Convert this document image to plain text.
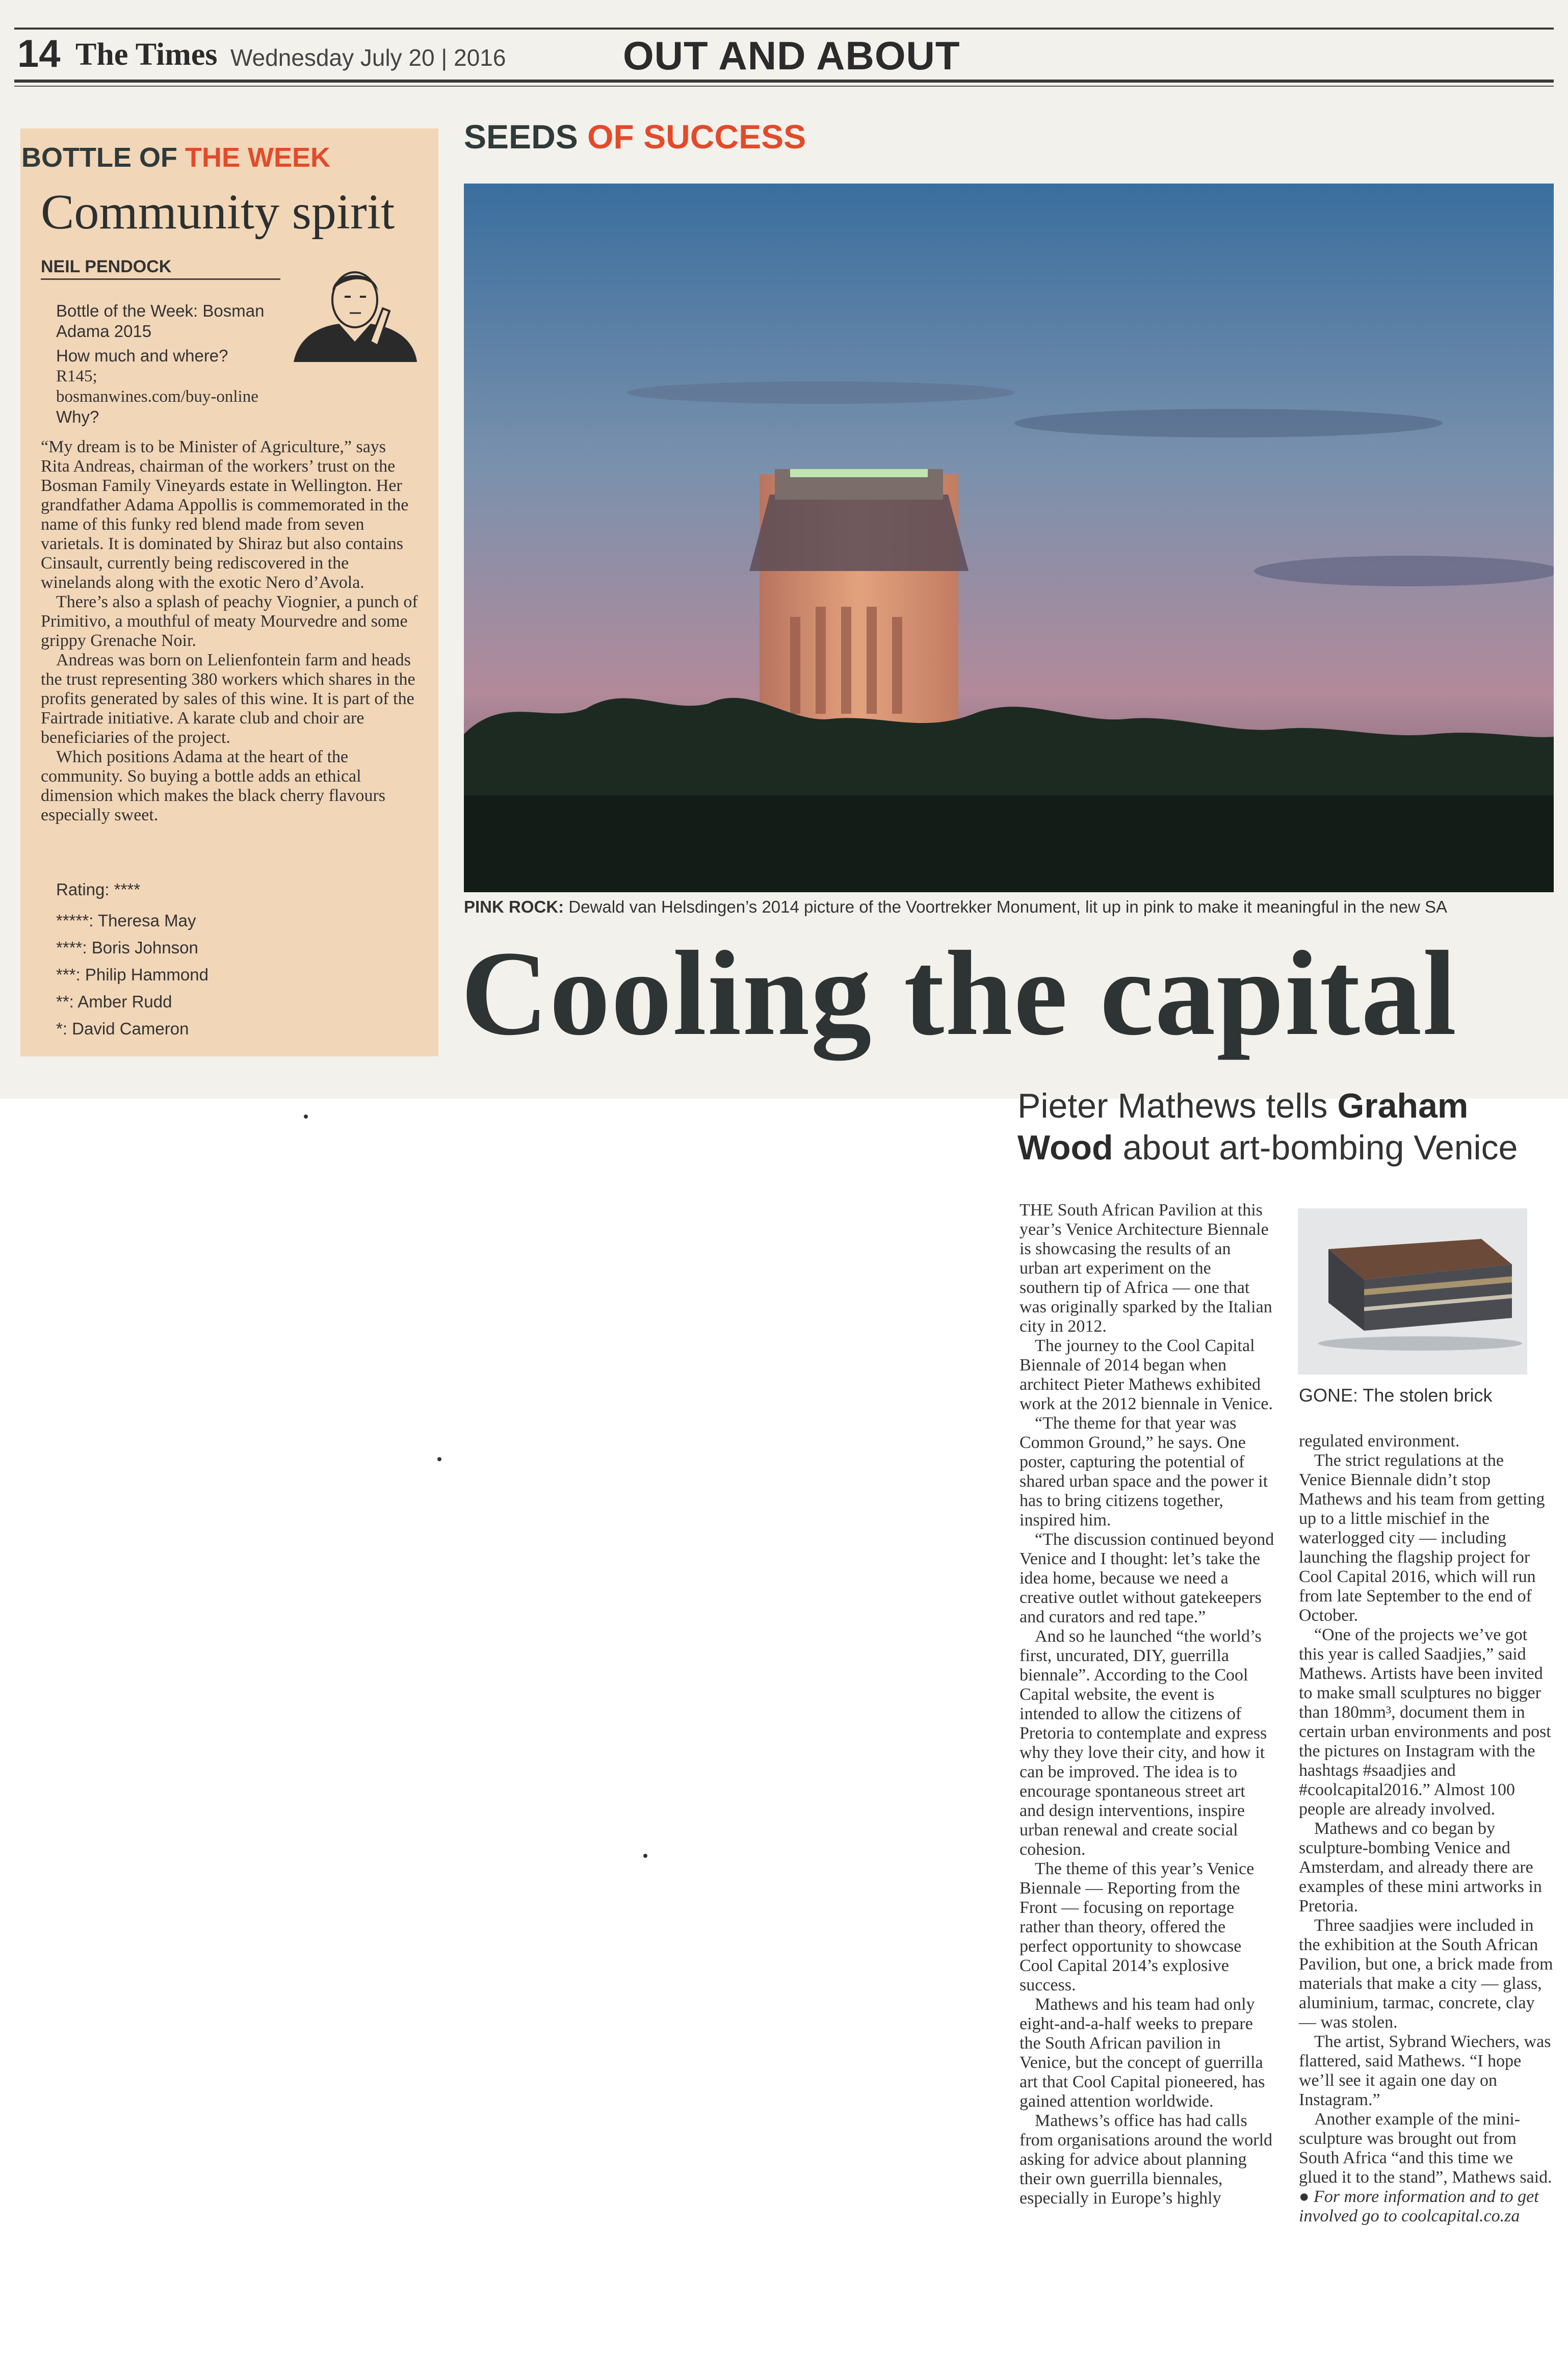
14 The Times Wednesday July 20 | 2016	OUT AND ABOUT
BOTTLE OF THE WEEK
Community spirit
NEIL PENDOCK

Bottle of the Week: Bosman

Adama 2015

How much and where?

R145;

bosmanwines.com/buy-online

Why?

“My dream is to be Minister of Agriculture,” says Rita Andreas, chairman of the workers’ trust on the Bosman Family Vineyards estate in Wellington. Her grandfather Adama Appollis is commemorated in the name of this funky red blend made from seven varietals. It is dominated by Shiraz but also contains Cinsault, currently being rediscovered in the winelands along with the exotic Nero d’Avola.

There’s also a splash of peachy Viognier, a punch of Primitivo, a mouthful of meaty Mourvedre and some grippy Grenache Noir.

Andreas was born on Lelienfontein farm and heads the trust representing 380 workers which shares in the profits generated by sales of this wine. It is part of the Fairtrade initiative. A karate club and choir are beneficiaries of the project.

Which positions Adama at the heart of the community. So buying a bottle adds an ethical dimension which makes the black cherry flavours especially sweet.

Rating: ****

*****: Theresa May

****: Boris Johnson

***: Philip Hammond

**: Amber Rudd

*: David Cameron

SEEDS OF SUCCESS
PINK ROCK: Dewald van Helsdingen’s 2014 picture of the Voortrekker Monument, lit up in pink to make it meaningful in the new SA
Cooling the capital
Pieter Mathews tells Graham Wood about art-bombing Venice

THE South African Pavilion at this year’s Venice Architecture Biennale is showcasing the results of an urban art experiment on the southern tip of Africa — one that was originally sparked by the Italian city in 2012.

The journey to the Cool Capital Biennale of 2014 began when architect Pieter Mathews exhibited work at the 2012 biennale in Venice.

“The theme for that year was Common Ground,” he says. One poster, capturing the potential of shared urban space and the power it has to bring citizens together, inspired him.

“The discussion continued beyond Venice and I thought: let’s take the idea home, because we need a creative outlet without gatekeepers and curators and red tape.”

And so he launched “the world’s first, uncurated, DIY, guerrilla biennale”. According to the Cool Capital website, the event is intended to allow the citizens of Pretoria to contemplate and express why they love their city, and how it can be improved. The idea is to encourage spontaneous street art and design interventions, inspire urban renewal and create social cohesion.

The theme of this year’s Venice Biennale — Reporting from the Front — focusing on reportage rather than theory, offered the perfect opportunity to showcase Cool Capital 2014’s explosive success.

Mathews and his team had only eight-and-a-half weeks to prepare the South African pavilion in Venice, but the concept of guerrilla art that Cool Capital pioneered, has gained attention worldwide.

Mathews’s office has had calls from organisations around the world asking for advice about planning their own guerrilla biennales, especially in Europe’s highly

GONE: The stolen brick

regulated environment.

The strict regulations at the Venice Biennale didn’t stop Mathews and his team from getting up to a little mischief in the waterlogged city — including launching the flagship project for Cool Capital 2016, which will run from late September to the end of October.

“One of the projects we’ve got this year is called Saadjies,” said Mathews. Artists have been invited to make small sculptures no bigger than 180mm³, document them in certain urban environments and post the pictures on Instagram with the hashtags #saadjies and #coolcapital2016.” Almost 100 people are already involved.

Mathews and co began by sculpture-bombing Venice and Amsterdam, and already there are examples of these mini artworks in Pretoria.

Three saadjies were included in the exhibition at the South African Pavilion, but one, a brick made from materials that make a city — glass, aluminium, tarmac, concrete, clay — was stolen.

The artist, Sybrand Wiechers, was flattered, said Mathews. “I hope we’ll see it again one day on Instagram.”

Another example of the mini-sculpture was brought out from South Africa “and this time we glued it to the stand”, Mathews said.

● For more information and to get involved go to coolcapital.co.za
